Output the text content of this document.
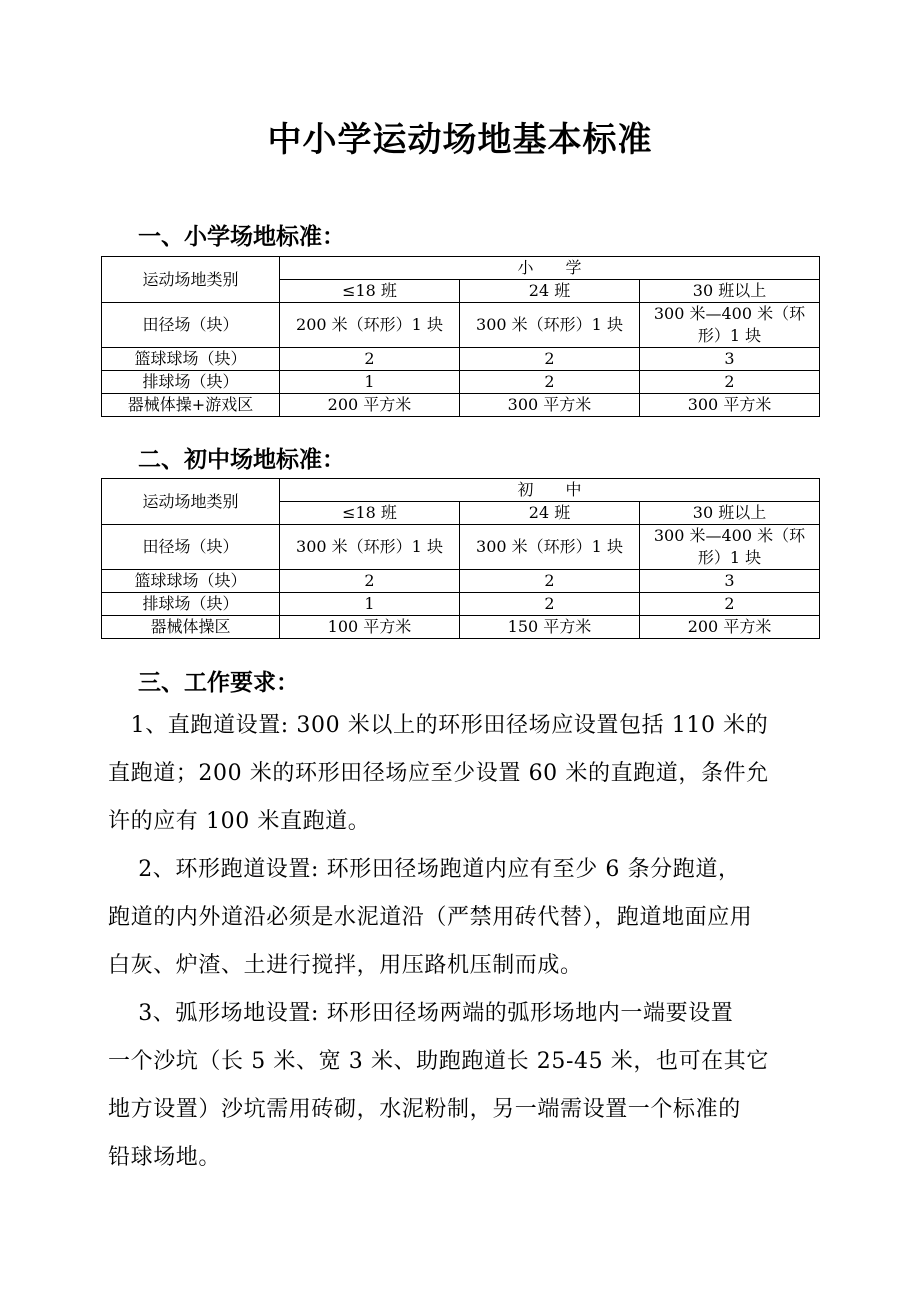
中小学运动场地基本标准
一、小学场地标准：
运动场地类别	小　　学		
	≤18 班	24 班	30 班以上
田径场（块）	200 米（环形）1 块	300 米（环形）1 块	300 米—400 米（环形）1 块
篮球球场（块）	2	2	3
排球场（块）	1	2	2
器械体操+游戏区	200 平方米	300 平方米	300 平方米
二、初中场地标准：
运动场地类别	初　　中		
	≤18 班	24 班	30 班以上
田径场（块）	300 米（环形）1 块	300 米（环形）1 块	300 米—400 米（环形）1 块
篮球球场（块）	2	2	3
排球场（块）	1	2	2
器械体操区	100 平方米	150 平方米	200 平方米
三、工作要求：

　1、直跑道设置: 300 米以上的环形田径场应设置包括 110 米的
直跑道；200 米的环形田径场应至少设置 60 米的直跑道，条件允
许的应有 100 米直跑道。

　 2、环形跑道设置: 环形田径场跑道内应有至少 6 条分跑道，
跑道的内外道沿必须是水泥道沿（严禁用砖代替），跑道地面应用
白灰、炉渣、土进行搅拌，用压路机压制而成。

　 3、弧形场地设置: 环形田径场两端的弧形场地内一端要设置
一个沙坑（长 5 米、宽 3 米、助跑跑道长 25-45 米，也可在其它
地方设置）沙坑需用砖砌，水泥粉制，另一端需设置一个标准的
铅球场地。
